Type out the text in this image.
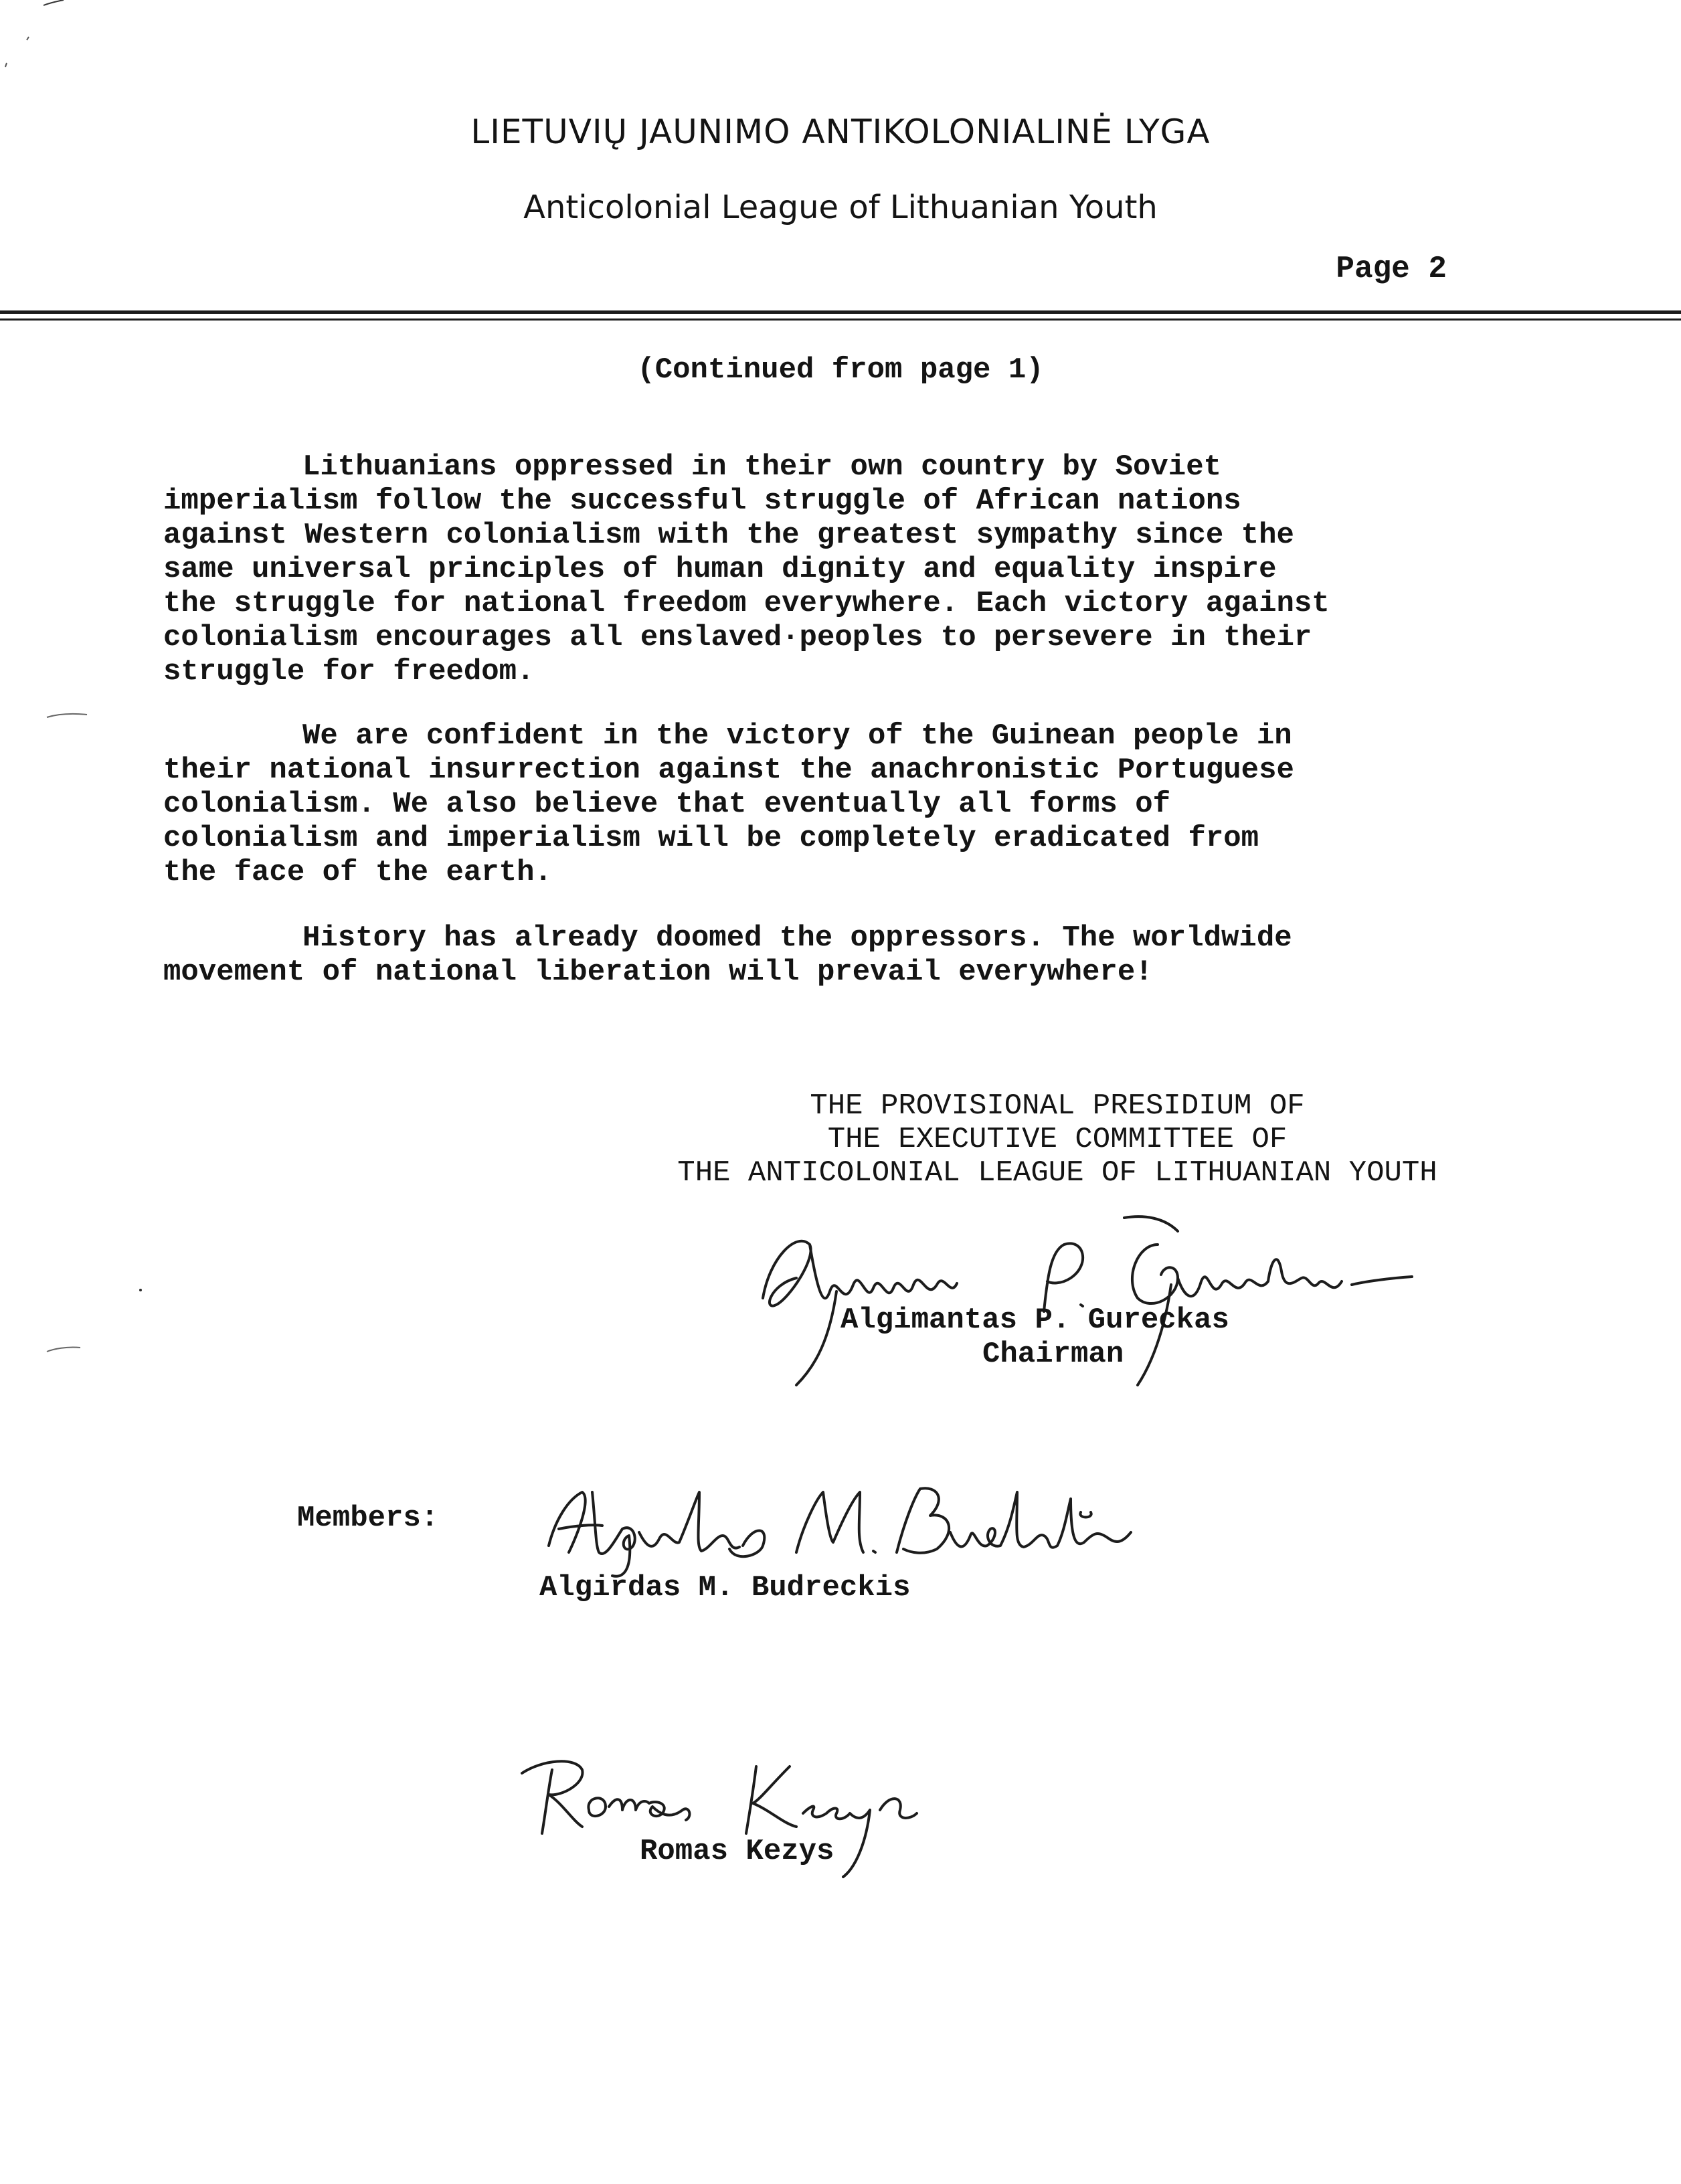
LIETUVIŲ JAUNIMO ANTIKOLONIALINĖ LYGA
Anticolonial League of Lithuanian Youth
Page 2
(Continued from page 1)
Lithuanians oppressed in their own country by Soviet
imperialism follow the successful struggle of African nations
against Western colonialism with the greatest sympathy since the
same universal principles of human dignity and equality inspire
the struggle for national freedom everywhere. Each victory against
colonialism encourages all enslaved·peoples to persevere in their
struggle for freedom.
We are confident in the victory of the Guinean people in
their national insurrection against the anachronistic Portuguese
colonialism. We also believe that eventually all forms of
colonialism and imperialism will be completely eradicated from
the face of the earth.
History has already doomed the oppressors. The worldwide
movement of national liberation will prevail everywhere!
THE PROVISIONAL PRESIDIUM OF
THE EXECUTIVE COMMITTEE OF
THE ANTICOLONIAL LEAGUE OF LITHUANIAN YOUTH
Algimantas P. Gureckas
Chairman
Members:
Algirdas M. Budreckis
Romas Kezys
